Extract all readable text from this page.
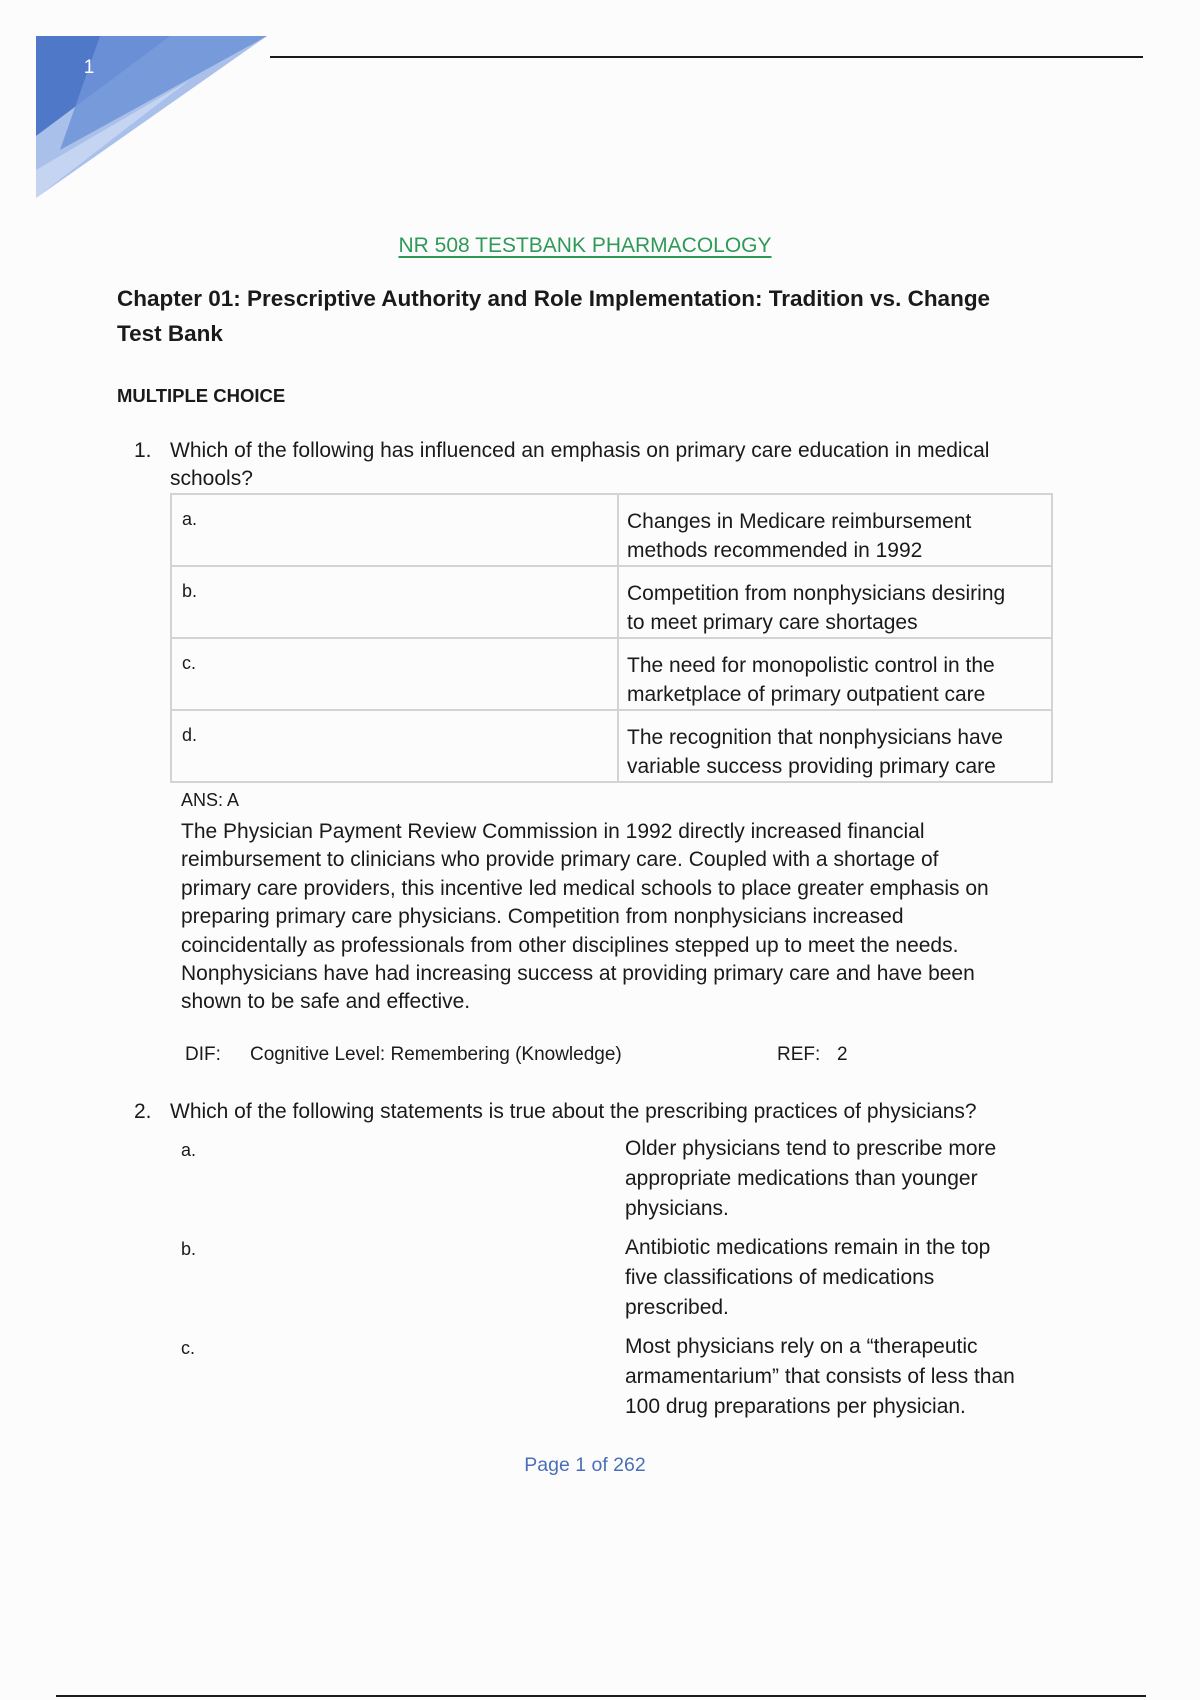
1
NR 508 TESTBANK PHARMACOLOGY
Chapter 01: Prescriptive Authority and Role Implementation: Tradition vs. Change
Test Bank
MULTIPLE CHOICE
1. Which of the following has influenced an emphasis on primary care education in medical
schools?
a.	Changes in Medicare reimbursement
methods recommended in 1992

b.	Competition from nonphysicians desiring
to meet primary care shortages

c.	The need for monopolistic control in the
marketplace of primary outpatient care

d.	The recognition that nonphysicians have
variable success providing primary care
ANS: A
The Physician Payment Review Commission in 1992 directly increased financial
reimbursement to clinicians who provide primary care. Coupled with a shortage of
primary care providers, this incentive led medical schools to place greater emphasis on
preparing primary care physicians. Competition from nonphysicians increased
coincidentally as professionals from other disciplines stepped up to meet the needs.
Nonphysicians have had increasing success at providing primary care and have been
shown to be safe and effective.
DIF: Cognitive Level: Remembering (Knowledge)	REF: 2
2. Which of the following statements is true about the prescribing practices of physicians?
a.	Older physicians tend to prescribe more
appropriate medications than younger
physicians.
b.	Antibiotic medications remain in the top
five classifications of medications
prescribed.
c.	Most physicians rely on a “therapeutic
armamentarium” that consists of less than
100 drug preparations per physician.
Page 1 of 262
